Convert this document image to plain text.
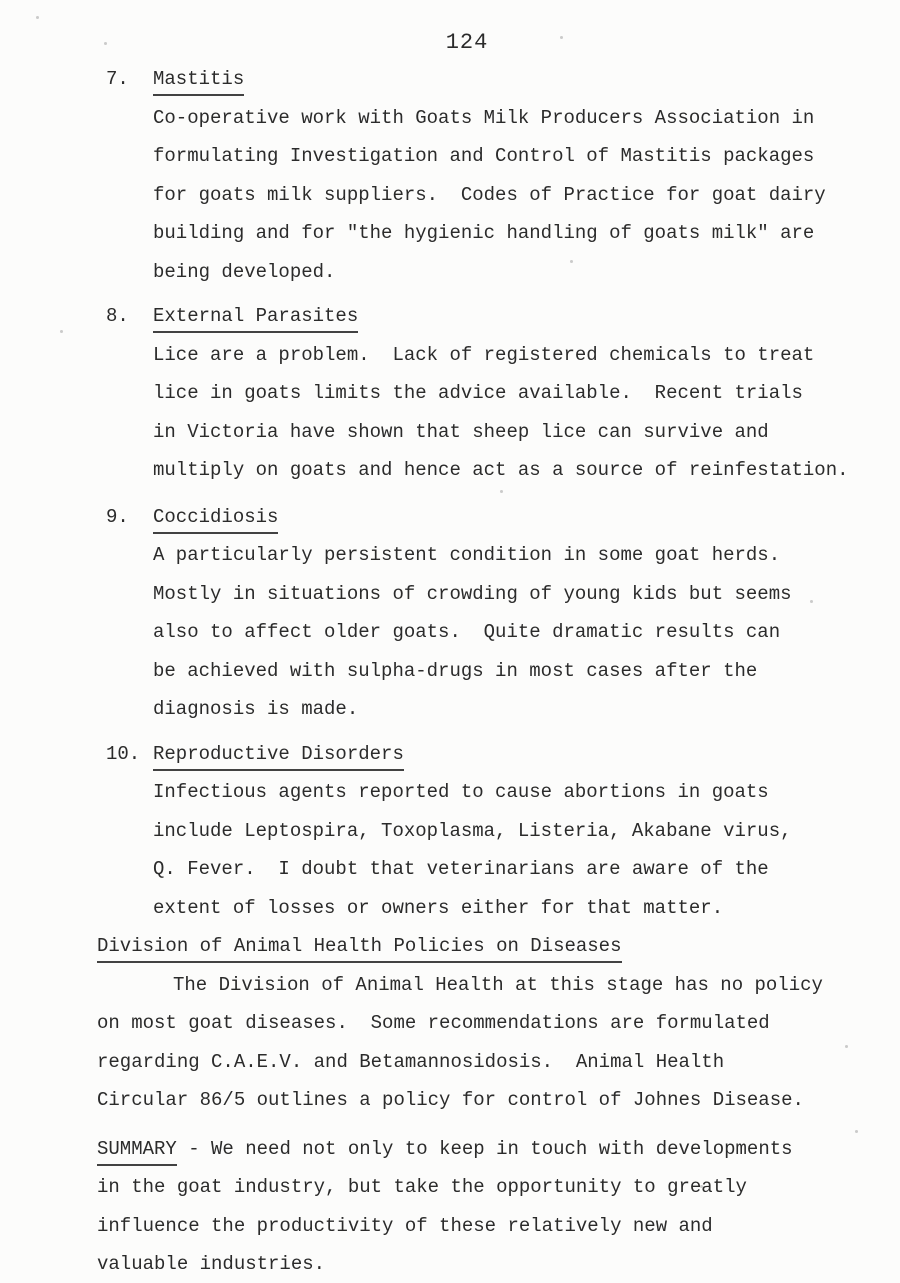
124
7. Mastitis
Co-operative work with Goats Milk Producers Association in
formulating Investigation and Control of Mastitis packages
for goats milk suppliers.  Codes of Practice for goat dairy
building and for "the hygienic handling of goats milk" are
being developed.
8. External Parasites
Lice are a problem.  Lack of registered chemicals to treat
lice in goats limits the advice available.  Recent trials
in Victoria have shown that sheep lice can survive and
multiply on goats and hence act as a source of reinfestation.
9. Coccidiosis
A particularly persistent condition in some goat herds.
Mostly in situations of crowding of young kids but seems
also to affect older goats.  Quite dramatic results can
be achieved with sulpha-drugs in most cases after the
diagnosis is made.
10. Reproductive Disorders
Infectious agents reported to cause abortions in goats
include Leptospira, Toxoplasma, Listeria, Akabane virus,
Q. Fever.  I doubt that veterinarians are aware of the
extent of losses or owners either for that matter.
Division of Animal Health Policies on Diseases
The Division of Animal Health at this stage has no policy
on most goat diseases.  Some recommendations are formulated
regarding C.A.E.V. and Betamannosidosis.  Animal Health
Circular 86/5 outlines a policy for control of Johnes Disease.
SUMMARY - We need not only to keep in touch with developments
in the goat industry, but take the opportunity to greatly
influence the productivity of these relatively new and
valuable industries.
